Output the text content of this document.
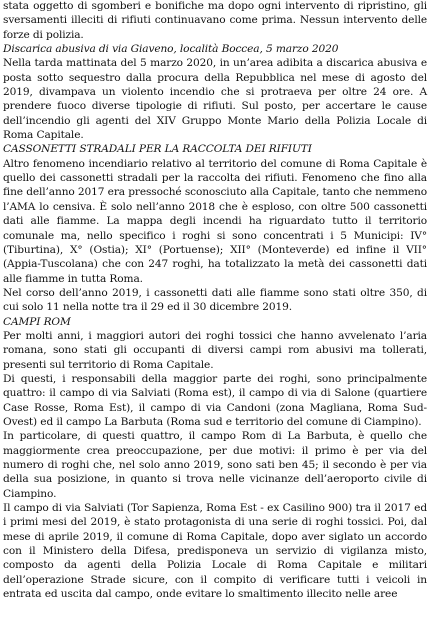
stata oggetto di sgomberi e bonifiche ma dopo ogni intervento di ripristino, gli sversamenti illeciti di rifiuti continuavano come prima. Nessun intervento delle forze di polizia.

Discarica abusiva di via Giaveno, località Boccea, 5 marzo 2020

Nella tarda mattinata del 5 marzo 2020, in un’area adibita a discarica abusiva e posta sotto sequestro dalla procura della Repubblica nel mese di agosto del 2019, divampava un violento incendio che si protraeva per oltre 24 ore. A prendere fuoco diverse tipologie di rifiuti. Sul posto, per accertare le cause dell’incendio gli agenti del XIV Gruppo Monte Mario della Polizia Locale di Roma Capitale.

CASSONETTI STRADALI PER LA RACCOLTA DEI RIFIUTI

Altro fenomeno incendiario relativo al territorio del comune di Roma Capitale è quello dei cassonetti stradali per la raccolta dei rifiuti. Fenomeno che fino alla fine dell’anno 2017 era pressoché sconosciuto alla Capitale, tanto che nemmeno l’AMA lo censiva. È solo nell’anno 2018 che è esploso, con oltre 500 cassonetti dati alle fiamme. La mappa degli incendi ha riguardato tutto il territorio comunale ma, nello specifico i roghi si sono concentrati i 5 Municipi: IV° (Tiburtina), X° (Ostia); XI° (Portuense); XII° (Monteverde) ed infine il VII° (Appia-Tuscolana) che con 247 roghi, ha totalizzato la metà dei cassonetti dati alle fiamme in tutta Roma.

Nel corso dell’anno 2019, i cassonetti dati alle fiamme sono stati oltre 350, di cui solo 11 nella notte tra il 29 ed il 30 dicembre 2019.

CAMPI ROM

Per molti anni, i maggiori autori dei roghi tossici che hanno avvelenato l’aria romana, sono stati gli occupanti di diversi campi rom abusivi ma tollerati, presenti sul territorio di Roma Capitale.

Di questi, i responsabili della maggior parte dei roghi, sono principalmente quattro: il campo di via Salviati (Roma est), il campo di via di Salone (quartiere Case Rosse, Roma Est), il campo di via Candoni (zona Magliana, Roma Sud-Ovest) ed il campo La Barbuta (Roma sud e territorio del comune di Ciampino).

In particolare, di questi quattro, il campo Rom di La Barbuta, è quello che maggiormente crea preoccupazione, per due motivi: il primo è per via del numero di roghi che, nel solo anno 2019, sono sati ben 45; il secondo è per via della sua posizione, in quanto si trova nelle vicinanze dell’aeroporto civile di Ciampino.

Il campo di via Salviati (Tor Sapienza, Roma Est - ex Casilino 900) tra il 2017 ed i primi mesi del 2019, è stato protagonista di una serie di roghi tossici. Poi, dal mese di aprile 2019, il comune di Roma Capitale, dopo aver siglato un accordo con il Ministero della Difesa, predisponeva un servizio di vigilanza misto, composto da agenti della Polizia Locale di Roma Capitale e militari dell’operazione Strade sicure, con il compito di verificare tutti i veicoli in entrata ed uscita dal campo, onde evitare lo smaltimento illecito nelle aree
